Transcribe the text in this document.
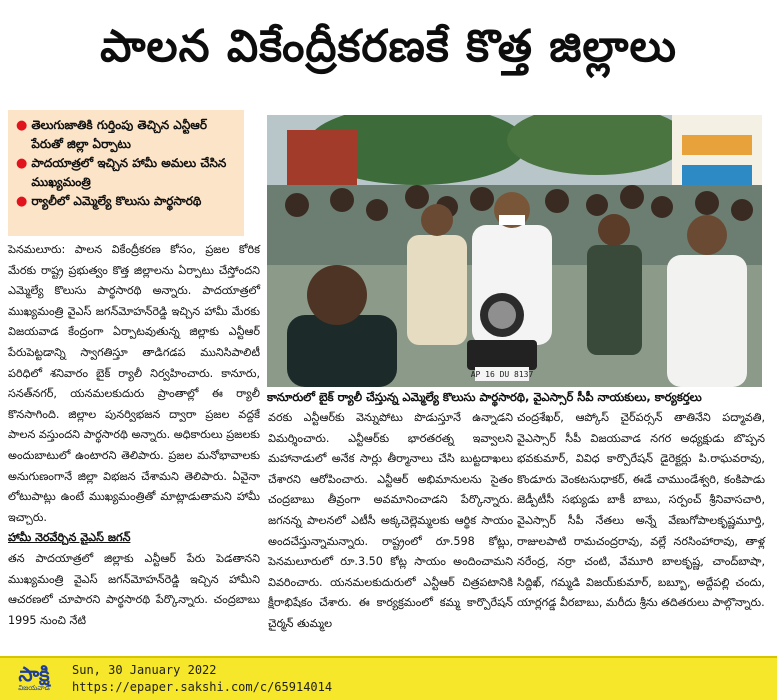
పాలన వికేంద్రీకరణకే కొత్త జిల్లాలు
● తెలుగుజాతికి గుర్తింపు తెచ్చిన ఎన్టీఆర్ పేరుతో జిల్లా ఏర్పాటు
● పాదయాత్రలో ఇచ్చిన హామీ అమలు చేసిన ముఖ్యమంత్రి
● ర్యాలీలో ఎమ్మెల్యే కొలుసు పార్థసారథి
AP 16 DU 8137
కానూరులో బైక్ ర్యాలీ చేస్తున్న ఎమ్మెల్యే కొలుసు పార్థసారథి, వైఎస్సార్ సీపీ నాయకులు, కార్యకర్తలు

పెనమలూరు: పాలన వికేంద్రీకరణ కోసం, ప్రజల కోరిక మేరకు రాష్ట్ర ప్రభుత్వం కొత్త జిల్లాలను ఏర్పాటు చేస్తోందని ఎమ్మెల్యే కొలుసు పార్థసారథి అన్నారు. పాదయాత్రలో ముఖ్యమంత్రి వైఎస్ జగన్‌మోహన్‌రెడ్డి ఇచ్చిన హామీ మేరకు విజయవాడ కేంద్రంగా ఏర్పాటవుతున్న జిల్లాకు ఎన్టీఆర్ పేరుపెట్టడాన్ని స్వాగతిస్తూ తాడిగడప మునిసిపాలిటీ పరిధిలో శనివారం బైక్ ర్యాలీ నిర్వహించారు. కానూరు, సనత్‌నగర్, యనమలకుదురు ప్రాంతాల్లో ఈ ర్యాలీ కొనసాగింది. జిల్లాల పునర్విభజన ద్వారా ప్రజల వద్దకే పాలన వస్తుందని పార్థసారథి అన్నారు. అధికారులు ప్రజలకు అందుబాటులో ఉంటారని తెలిపారు. ప్రజల మనోభావాలకు అనుగుణంగానే జిల్లా విభజన చేశామని తెలిపారు. ఏవైనా లోటుపాట్లు ఉంటే ముఖ్యమంత్రితో మాట్లాడుతామని హామీ ఇచ్చారు.

హామీ నెరవేర్చిన వైఎస్ జగన్

తన పాదయాత్రలో జిల్లాకు ఎన్టీఆర్ పేరు పెడతానని ముఖ్యమంత్రి వైఎస్ జగన్‌మోహన్‌రెడ్డి ఇచ్చిన హామీని ఆచరణలో చూపారని పార్థసారథి పేర్కొన్నారు. చంద్రబాబు 1995 నుంచి నేటి

వరకు ఎన్టీఆర్‌కు వెన్నుపోటు పొడుస్తూనే ఉన్నాడని విమర్శించారు. ఎన్టీఆర్‌కు భారతరత్న ఇవ్వాలని మహానాడులో అనేక సార్లు తీర్మానాలు చేసి బుట్టదాఖలు చేశారని ఆరోపించారు. ఎన్టీఆర్ అభిమానులను సైతం చంద్రబాబు తీవ్రంగా అవమానించాడని పేర్కొన్నారు. జగనన్న పాలనలో ఎటీసీ అక్కచెల్లెమ్మలకు ఆర్థిక సాయం అందచేస్తున్నామన్నారు. రాష్ట్రంలో రూ.598 కోట్లు, పెనమలూరులో రూ.3.50 కోట్ల సాయం అందించామని వివరించారు. యనమలకుదురులో ఎన్టీఆర్ చిత్రపటానికి క్షీరాభిషేకం చేశారు. ఈ కార్యక్రమంలో కమ్మ కార్పొరేషన్ చైర్మన్ తుమ్మల

చంద్రశేఖర్, ఆప్కోస్ చైర్‌పర్సన్ తాతినేని పద్మావతి, వైఎస్సార్ సీపీ విజయవాడ నగర అధ్యక్షుడు బొప్పన భవకుమార్, వివిధ కార్పొరేషన్ డైరెక్టర్లు పి.రాఘవరావు, కొండూరు వెంకటసుధాకర్, ఈడే చాముండేశ్వరి, కంకిపాడు జెడ్పీటీసీ సభ్యుడు బాకీ బాబు, సర్పంచ్ శ్రీనివాసచారి, వైఎస్సార్ సీపీ నేతలు అన్నే వేణుగోపాలకృష్ణమూర్తి, రాజులపాటి రామచంద్రరావు, వల్లే నరసింహారావు, తాళ్ల నరేంద్ర, నర్రా చంటి, వేమూరి బాలకృష్ణ, చాంద్‌బాషా, సిద్దిఖ్, గమ్మడి విజయ్‌కుమార్, బబ్బూ, అద్దేపల్లి చందు, యార్లగడ్డ వీరబాబు, మరీదు శ్రీను తదితరులు పాల్గొన్నారు.

సాక్షి
విజయవాడ
Sun, 30 January 2022
https://epaper.sakshi.com/c/65914014
